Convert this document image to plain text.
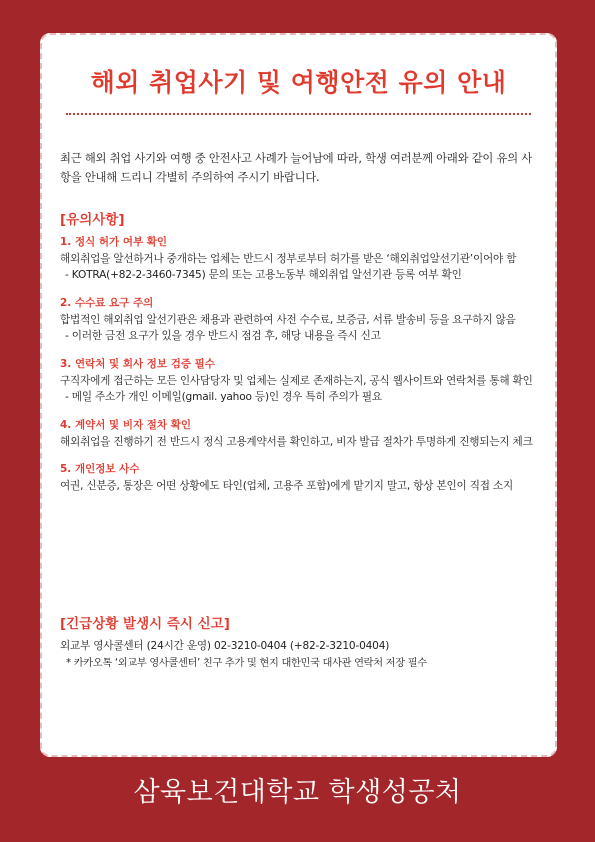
해외 취업사기 및 여행안전 유의 안내
최근 해외 취업 사기와 여행 중 안전사고 사례가 늘어남에 따라, 학생 여러분께 아래와 같이 유의 사항을 안내해 드리니 각별히 주의하여 주시기 바랍니다.
[유의사항]
1. 정식 허가 여부 확인
해외취업을 알선하거나 중개하는 업체는 반드시 정부로부터 허가를 받은 ‘해외취업알선기관’이어야 함
- KOTRA(+82-2-3460-7345) 문의 또는 고용노동부 해외취업 알선기관 등록 여부 확인
2. 수수료 요구 주의
합법적인 해외취업 알선기관은 채용과 관련하여 사전 수수료, 보증금, 서류 발송비 등을 요구하지 않음
- 이러한 금전 요구가 있을 경우 반드시 점검 후, 해당 내용을 즉시 신고
3. 연락처 및 회사 정보 검증 필수
구직자에게 접근하는 모든 인사담당자 및 업체는 실제로 존재하는지, 공식 웹사이트와 연락처를 통해 확인
- 메일 주소가 개인 이메일(gmail. yahoo 등)인 경우 특히 주의가 필요
4. 계약서 및 비자 절차 확인
해외취업을 진행하기 전 반드시 정식 고용계약서를 확인하고, 비자 발급 절차가 투명하게 진행되는지 체크
5. 개인정보 사수
여권, 신분증, 통장은 어떤 상황에도 타인(업체, 고용주 포함)에게 맡기지 말고, 항상 본인이 직접 소지
[긴급상황 발생시 즉시 신고]
외교부 영사콜센터 (24시간 운영) 02-3210-0404 (+82-2-3210-0404)
* 카카오톡 ‘외교부 영사콜센터’ 친구 추가 및 현지 대한민국 대사관 연락처 저장 필수
삼육보건대학교 학생성공처
